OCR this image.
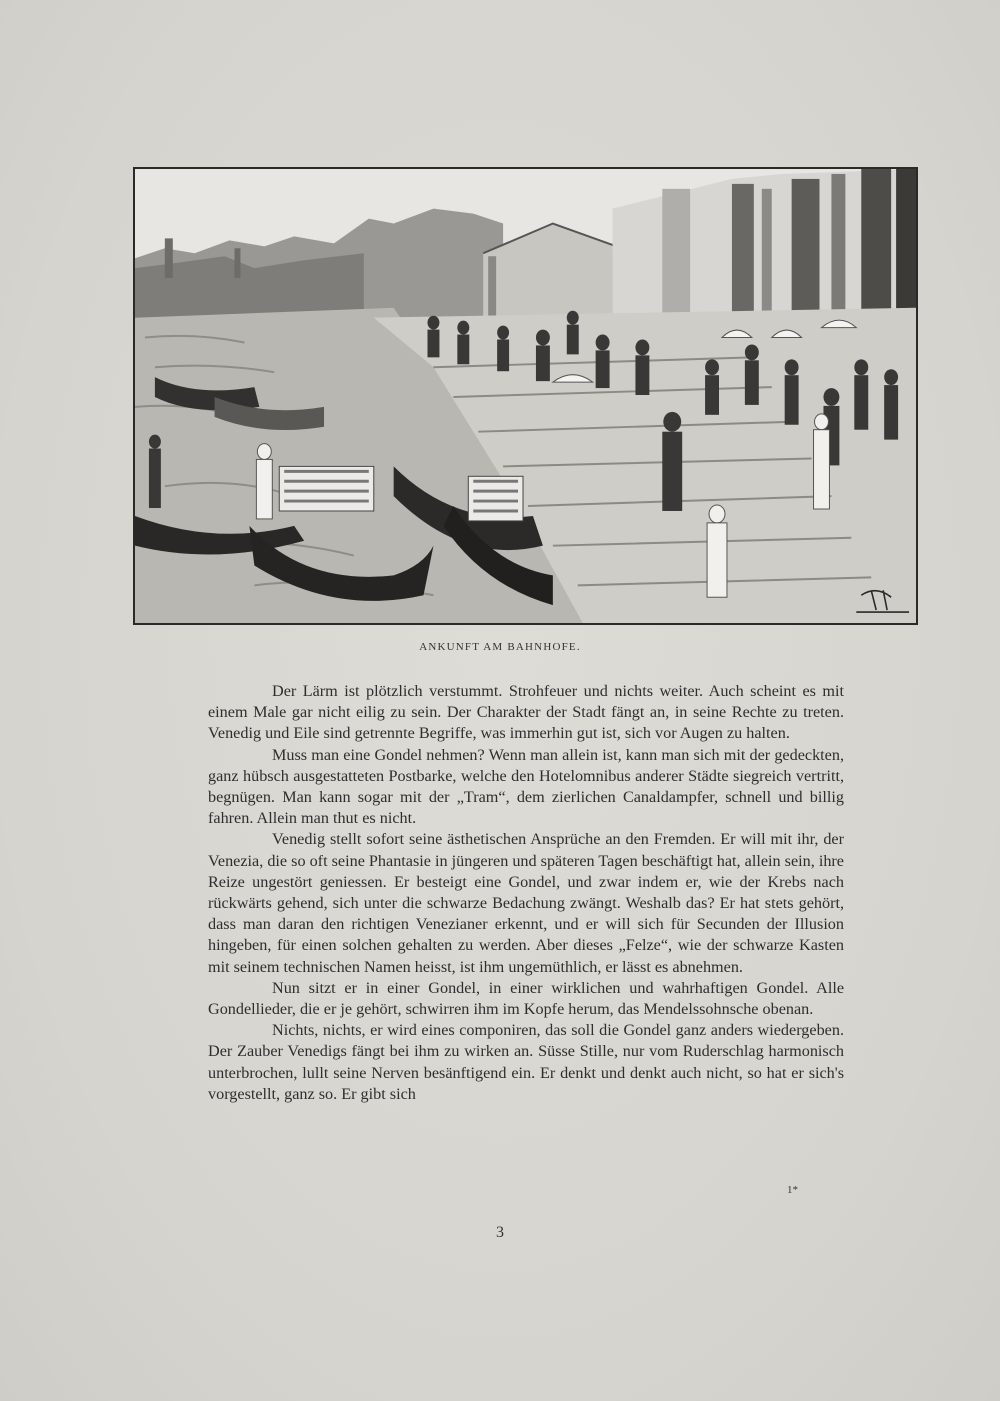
ANKUNFT AM BAHNHOFE.

Der Lärm ist plötzlich verstummt. Strohfeuer und nichts weiter. Auch scheint es mit einem Male gar nicht eilig zu sein. Der Charakter der Stadt fängt an, in seine Rechte zu treten. Venedig und Eile sind getrennte Begriffe, was immerhin gut ist, sich vor Augen zu halten.

Muss man eine Gondel nehmen? Wenn man allein ist, kann man sich mit der gedeckten, ganz hübsch ausgestatteten Postbarke, welche den Hotelomnibus anderer Städte siegreich vertritt, begnügen. Man kann sogar mit der „Tram“, dem zierlichen Canaldampfer, schnell und billig fahren. Allein man thut es nicht.

Venedig stellt sofort seine ästhetischen Ansprüche an den Fremden. Er will mit ihr, der Venezia, die so oft seine Phantasie in jüngeren und späteren Tagen beschäftigt hat, allein sein, ihre Reize ungestört geniessen. Er besteigt eine Gondel, und zwar indem er, wie der Krebs nach rückwärts gehend, sich unter die schwarze Bedachung zwängt. Weshalb das? Er hat stets gehört, dass man daran den richtigen Venezianer erkennt, und er will sich für Secunden der Illusion hingeben, für einen solchen gehalten zu werden. Aber dieses „Felze“, wie der schwarze Kasten mit seinem technischen Namen heisst, ist ihm ungemüthlich, er lässt es abnehmen.

Nun sitzt er in einer Gondel, in einer wirklichen und wahrhaftigen Gondel. Alle Gondellieder, die er je gehört, schwirren ihm im Kopfe herum, das Mendelssohnsche obenan.

Nichts, nichts, er wird eines componiren, das soll die Gondel ganz anders wiedergeben. Der Zauber Venedigs fängt bei ihm zu wirken an. Süsse Stille, nur vom Ruderschlag harmonisch unterbrochen, lullt seine Nerven besänftigend ein. Er denkt und denkt auch nicht, so hat er sich's vorgestellt, ganz so. Er gibt sich

1*
3
